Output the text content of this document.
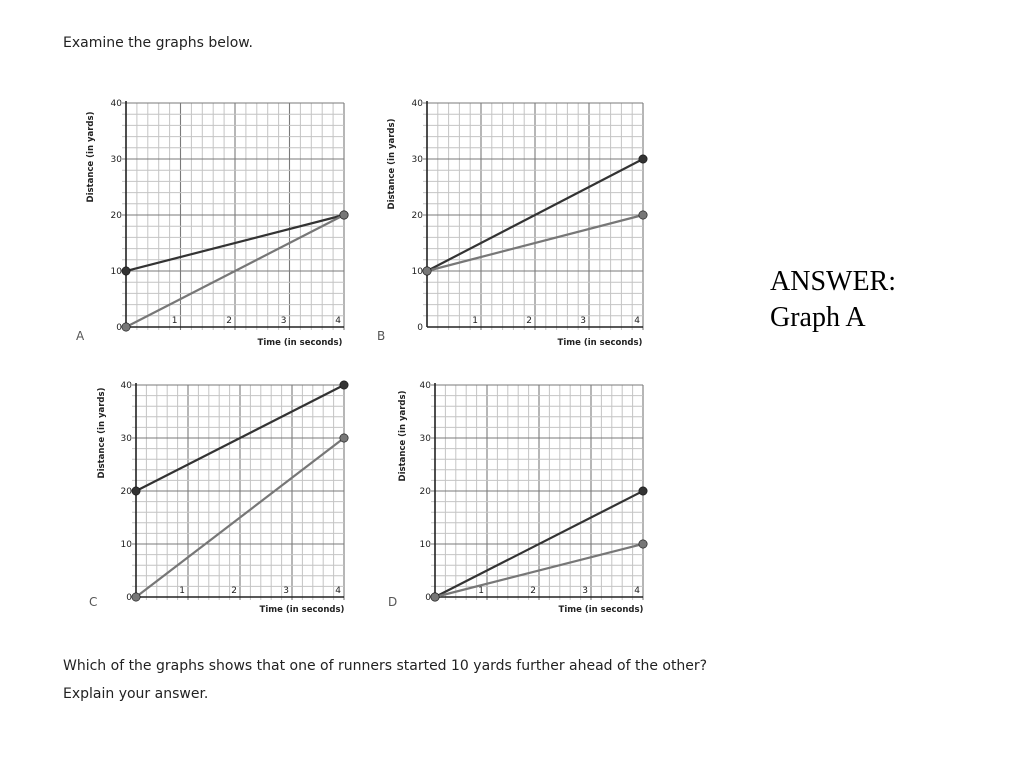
Examine the graphs below.

0
10
20
30
40
1	2	3	4
Time (in seconds)
Distance (in yards)
A
0
10
20
30
40
1	2	3	4
Time (in seconds)
Distance (in yards)
B
0
10
20
30
40
1	2	3	4
Time (in seconds)
Distance (in yards)
C	0
10
20
30
40
1	2	3	4
Time (in seconds)
Distance (in yards)
D
ANSWER:
Graph A

Which of the graphs shows that one of runners started 10 yards further ahead of the other? Explain your answer.
